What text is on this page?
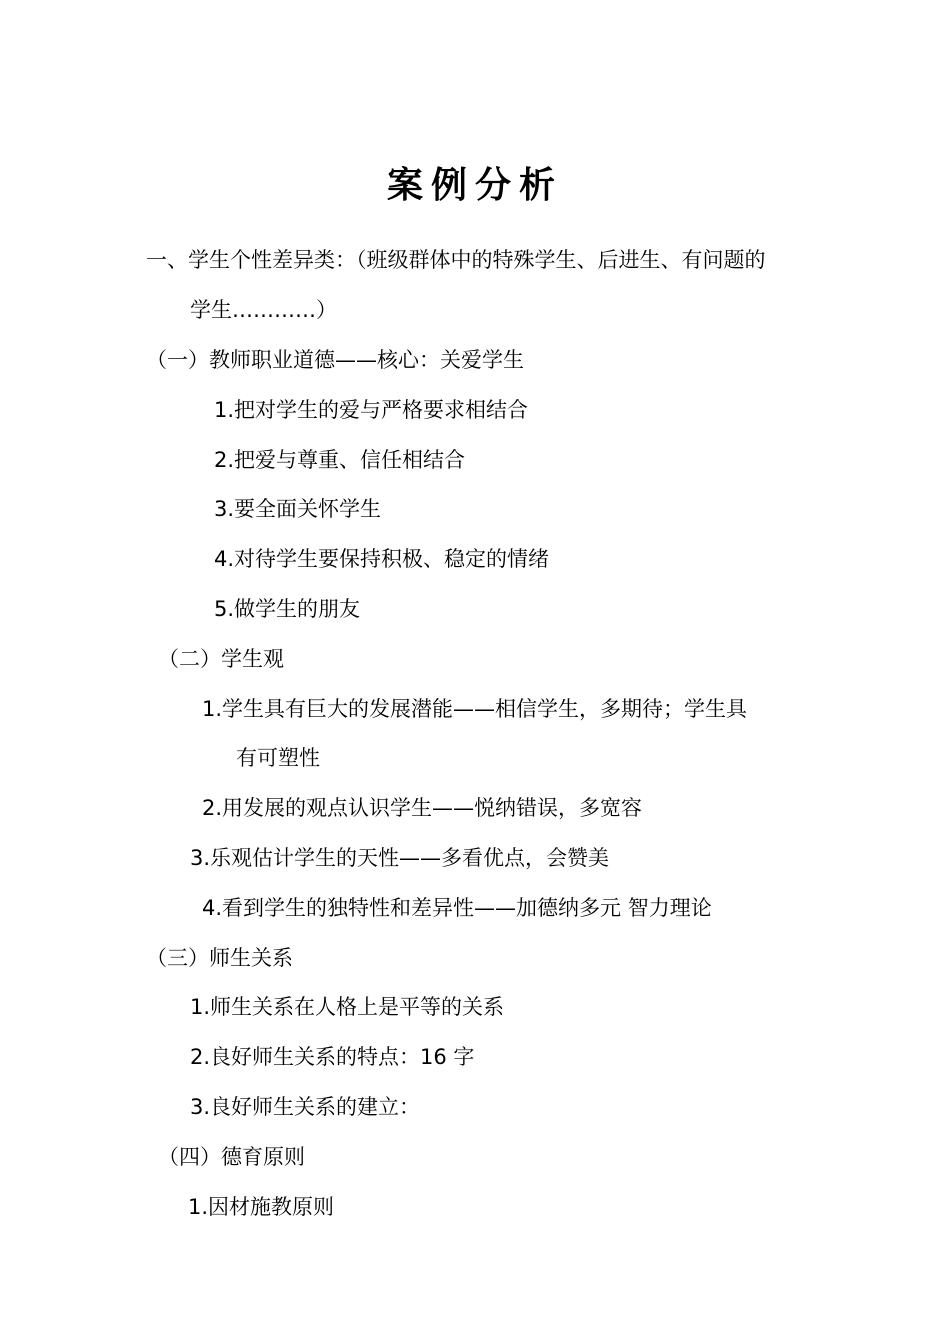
案例分析
一、学生个性差异类：（班级群体中的特殊学生、后进生、有问题的
学生…………）
（一）教师职业道德——核心：关爱学生
1.把对学生的爱与严格要求相结合
2.把爱与尊重、信任相结合
3.要全面关怀学生
4.对待学生要保持积极、稳定的情绪
5.做学生的朋友
（二）学生观
1.学生具有巨大的发展潜能——相信学生，多期待；学生具
有可塑性
2.用发展的观点认识学生——悦纳错误，多宽容
3.乐观估计学生的天性——多看优点，会赞美
4.看到学生的独特性和差异性——加德纳多元 智力理论
（三）师生关系
1.师生关系在人格上是平等的关系
2.良好师生关系的特点：16 字
3.良好师生关系的建立：
（四）德育原则
1.因材施教原则
